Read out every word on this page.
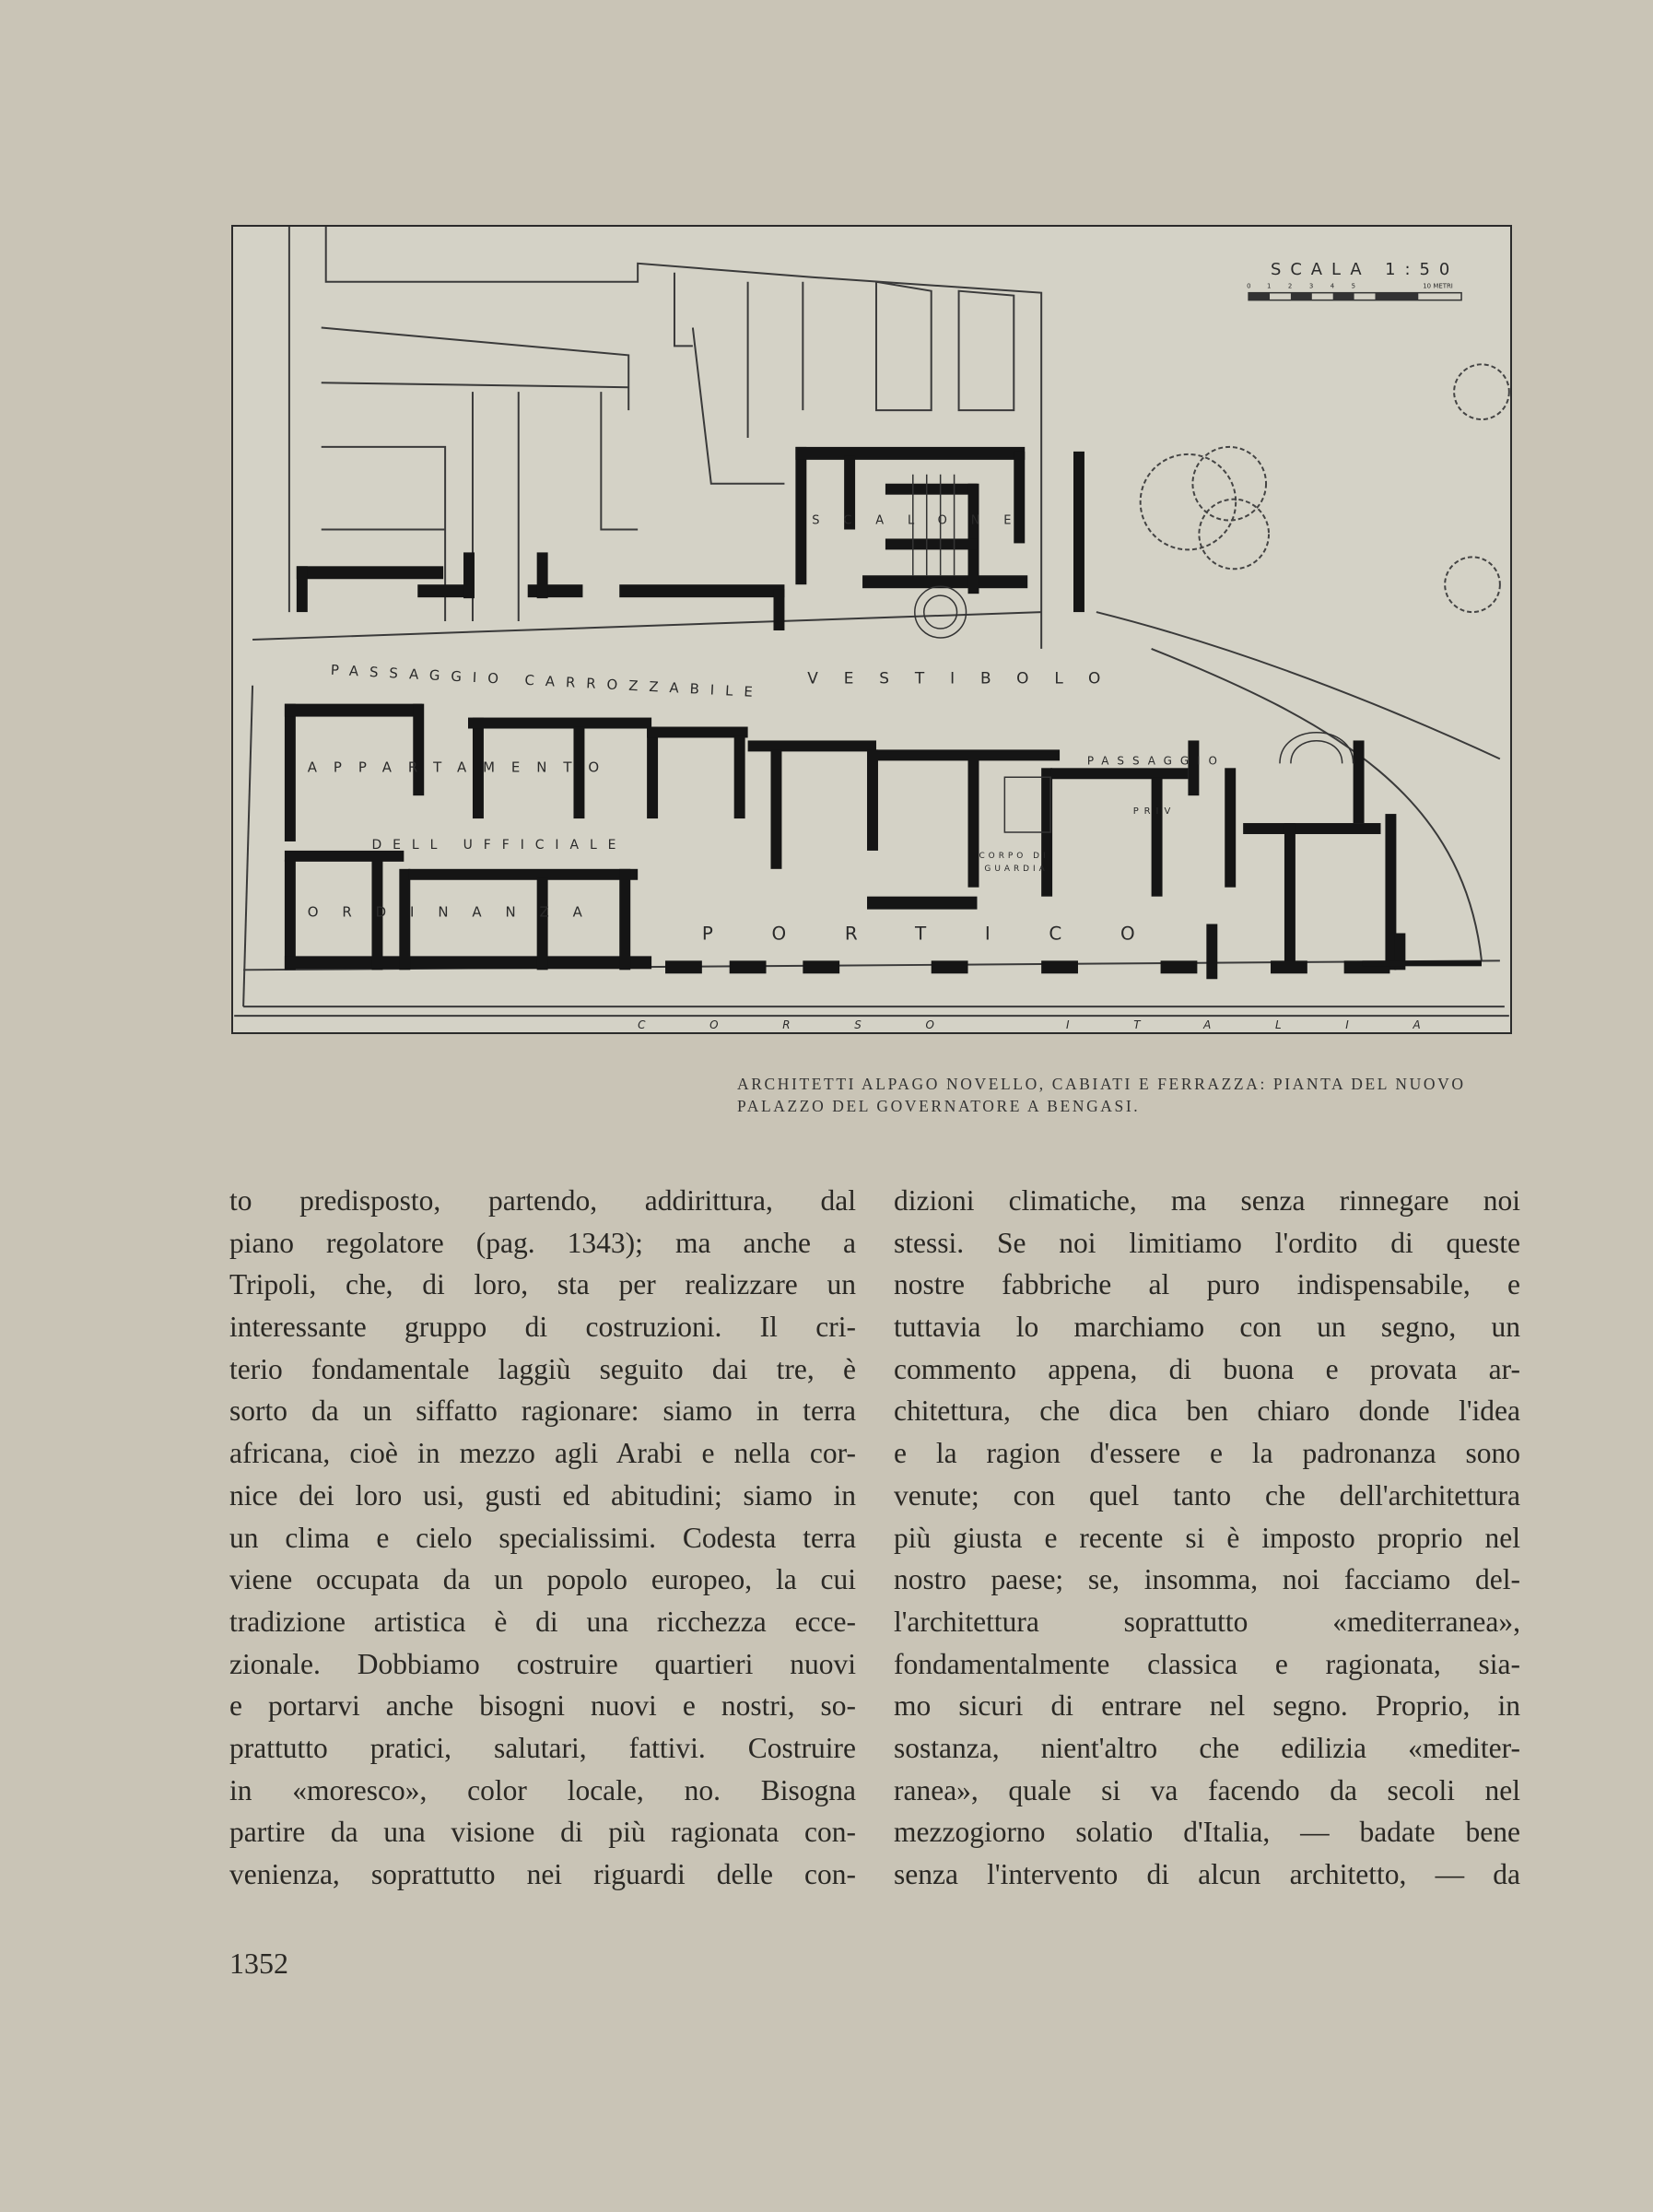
SCALA 1:50
0 1	2	3	4	5	10 METRI
PASSAGGIO CARROZZABILE	VESTIBOLO
SCALONE
APPARTAMENTO
DELL UFFICIALE
ORDINANZA
PORTICO
PASSAGGIO
CORPO DI
GUARDIA
PRIV
CORSO ITALIA
ARCHITETTI ALPAGO NOVELLO, CABIATI E FERRAZZA: PIANTA DEL NUOVO
PALAZZO DEL GOVERNATORE A BENGASI.
to predisposto, partendo, addirittura, dal
piano regolatore (pag. 1343); ma anche a
Tripoli, che, di loro, sta per realizzare un
interessante gruppo di costruzioni. Il cri-
terio fondamentale laggiù seguito dai tre, è
sorto da un siffatto ragionare: siamo in terra
africana, cioè in mezzo agli Arabi e nella cor-
nice dei loro usi, gusti ed abitudini; siamo in
un clima e cielo specialissimi. Codesta terra
viene occupata da un popolo europeo, la cui
tradizione artistica è di una ricchezza ecce-
zionale. Dobbiamo costruire quartieri nuovi
e portarvi anche bisogni nuovi e nostri, so-
prattutto pratici, salutari, fattivi. Costruire
in «moresco», color locale, no. Bisogna
partire da una visione di più ragionata con-
venienza, soprattutto nei riguardi delle con-
dizioni climatiche, ma senza rinnegare noi
stessi. Se noi limitiamo l'ordito di queste
nostre fabbriche al puro indispensabile, e
tuttavia lo marchiamo con un segno, un
commento appena, di buona e provata ar-
chitettura, che dica ben chiaro donde l'idea
e la ragion d'essere e la padronanza sono
venute; con quel tanto che dell'architettura
più giusta e recente si è imposto proprio nel
nostro paese; se, insomma, noi facciamo del-
l'architettura soprattutto «mediterranea»,
fondamentalmente classica e ragionata, sia-
mo sicuri di entrare nel segno. Proprio, in
sostanza, nient'altro che edilizia «mediter-
ranea», quale si va facendo da secoli nel
mezzogiorno solatio d'Italia, — badate bene
senza l'intervento di alcun architetto, — da
1352
